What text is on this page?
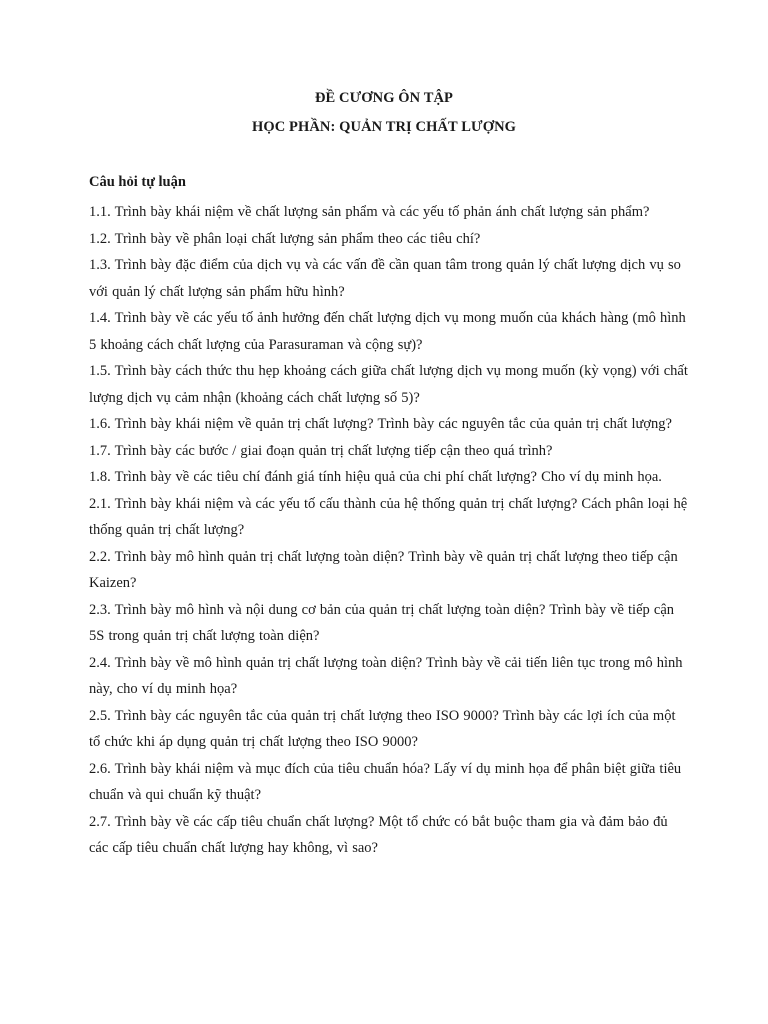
ĐỀ CƯƠNG ÔN TẬP
HỌC PHẦN: QUẢN TRỊ CHẤT LƯỢNG
Câu hỏi tự luận
1.1. Trình bày khái niệm về chất lượng sản phẩm và các yếu tố phản ánh chất lượng sản phẩm?
1.2. Trình bày về phân loại chất lượng sản phẩm theo các tiêu chí?
1.3. Trình bày đặc điểm của dịch vụ và các vấn đề cần quan tâm trong quản lý chất lượng dịch vụ so với quản lý chất lượng sản phẩm hữu hình?
1.4. Trình bày về các yếu tố ảnh hưởng đến chất lượng dịch vụ mong muốn của khách hàng (mô hình 5 khoảng cách chất lượng của Parasuraman và cộng sự)?
1.5. Trình bày cách thức thu hẹp khoảng cách giữa chất lượng dịch vụ mong muốn (kỳ vọng) với chất lượng dịch vụ cảm nhận (khoảng cách chất lượng số 5)?
1.6. Trình bày khái niệm về quản trị chất lượng? Trình bày các nguyên tắc của quản trị chất lượng?
1.7. Trình bày các bước / giai đoạn quản trị chất lượng tiếp cận theo quá trình?
1.8. Trình bày về các tiêu chí đánh giá tính hiệu quả của chi phí chất lượng? Cho ví dụ minh họa.
2.1. Trình bày khái niệm và các yếu tố cấu thành của hệ thống quản trị chất lượng? Cách phân loại hệ thống quản trị chất lượng?
2.2. Trình bày mô hình quản trị chất lượng toàn diện? Trình bày về quản trị chất lượng theo tiếp cận Kaizen?
2.3. Trình bày mô hình và nội dung cơ bản của quản trị chất lượng toàn diện? Trình bày về tiếp cận 5S trong quản trị chất lượng toàn diện?
2.4. Trình bày về mô hình quản trị chất lượng toàn diện? Trình bày về cải tiến liên tục trong mô hình này, cho ví dụ minh họa?
2.5. Trình bày các nguyên tắc của quản trị chất lượng theo ISO 9000? Trình bày các lợi ích của một tổ chức khi áp dụng quản trị chất lượng theo ISO 9000?
2.6. Trình bày khái niệm và mục đích của tiêu chuẩn hóa? Lấy ví dụ minh họa để phân biệt giữa tiêu chuẩn và qui chuẩn kỹ thuật?
2.7. Trình bày về các cấp tiêu chuẩn chất lượng? Một tổ chức có bắt buộc tham gia và đảm bảo đủ các cấp tiêu chuẩn chất lượng hay không, vì sao?
